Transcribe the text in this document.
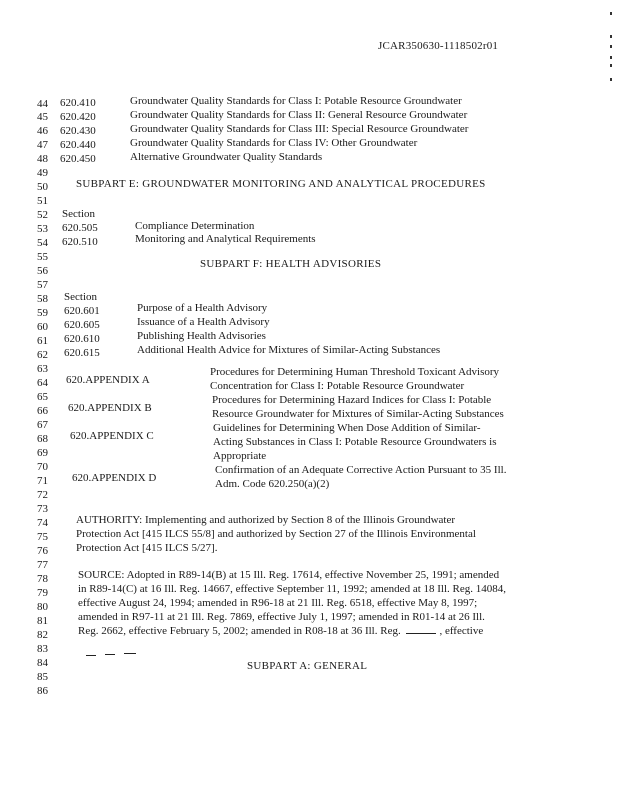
JCAR350630-1118502r01
44
45
46
47
48
49
50
51
52
53
54
55
56
57
58
59
60
61
62
63
64
65
66
67
68
69
70
71
72
73
74
75
76
77
78
79
80
81
82
83
84
85
86
620.410	Groundwater Quality Standards for Class I: Potable Resource Groundwater
620.420	Groundwater Quality Standards for Class II: General Resource Groundwater
620.430	Groundwater Quality Standards for Class III: Special Resource Groundwater
620.440	Groundwater Quality Standards for Class IV: Other Groundwater
620.450	Alternative Groundwater Quality Standards
SUBPART E: GROUNDWATER MONITORING AND ANALYTICAL PROCEDURES
Section
620.505	Compliance Determination
620.510	Monitoring and Analytical Requirements
SUBPART F: HEALTH ADVISORIES
Section
620.601	Purpose of a Health Advisory
620.605	Issuance of a Health Advisory
620.610	Publishing Health Advisories
620.615	Additional Health Advice for Mixtures of Similar-Acting Substances
620.APPENDIX A
Procedures for Determining Human Threshold Toxicant Advisory
Concentration for Class I: Potable Resource Groundwater
620.APPENDIX B
Procedures for Determining Hazard Indices for Class I: Potable
Resource Groundwater for Mixtures of Similar-Acting Substances
620.APPENDIX C
Guidelines for Determining When Dose Addition of Similar-
Acting Substances in Class I: Potable Resource Groundwaters is
Appropriate
620.APPENDIX D
Confirmation of an Adequate Corrective Action Pursuant to 35 Ill.
Adm. Code 620.250(a)(2)
AUTHORITY: Implementing and authorized by Section 8 of the Illinois Groundwater
Protection Act [415 ILCS 55/8] and authorized by Section 27 of the Illinois Environmental
Protection Act [415 ILCS 5/27].
SOURCE: Adopted in R89-14(B) at 15 Ill. Reg. 17614, effective November 25, 1991; amended
in R89-14(C) at 16 Ill. Reg. 14667, effective September 11, 1992; amended at 18 Ill. Reg. 14084,
effective August 24, 1994; amended in R96-18 at 21 Ill. Reg. 6518, effective May 8, 1997;
amended in R97-11 at 21 Ill. Reg. 7869, effective July 1, 1997; amended in R01-14 at 26 Ill.
Reg. 2662, effective February 5, 2002; amended in R08-18 at 36 Ill. Reg.	, effective
SUBPART A: GENERAL
